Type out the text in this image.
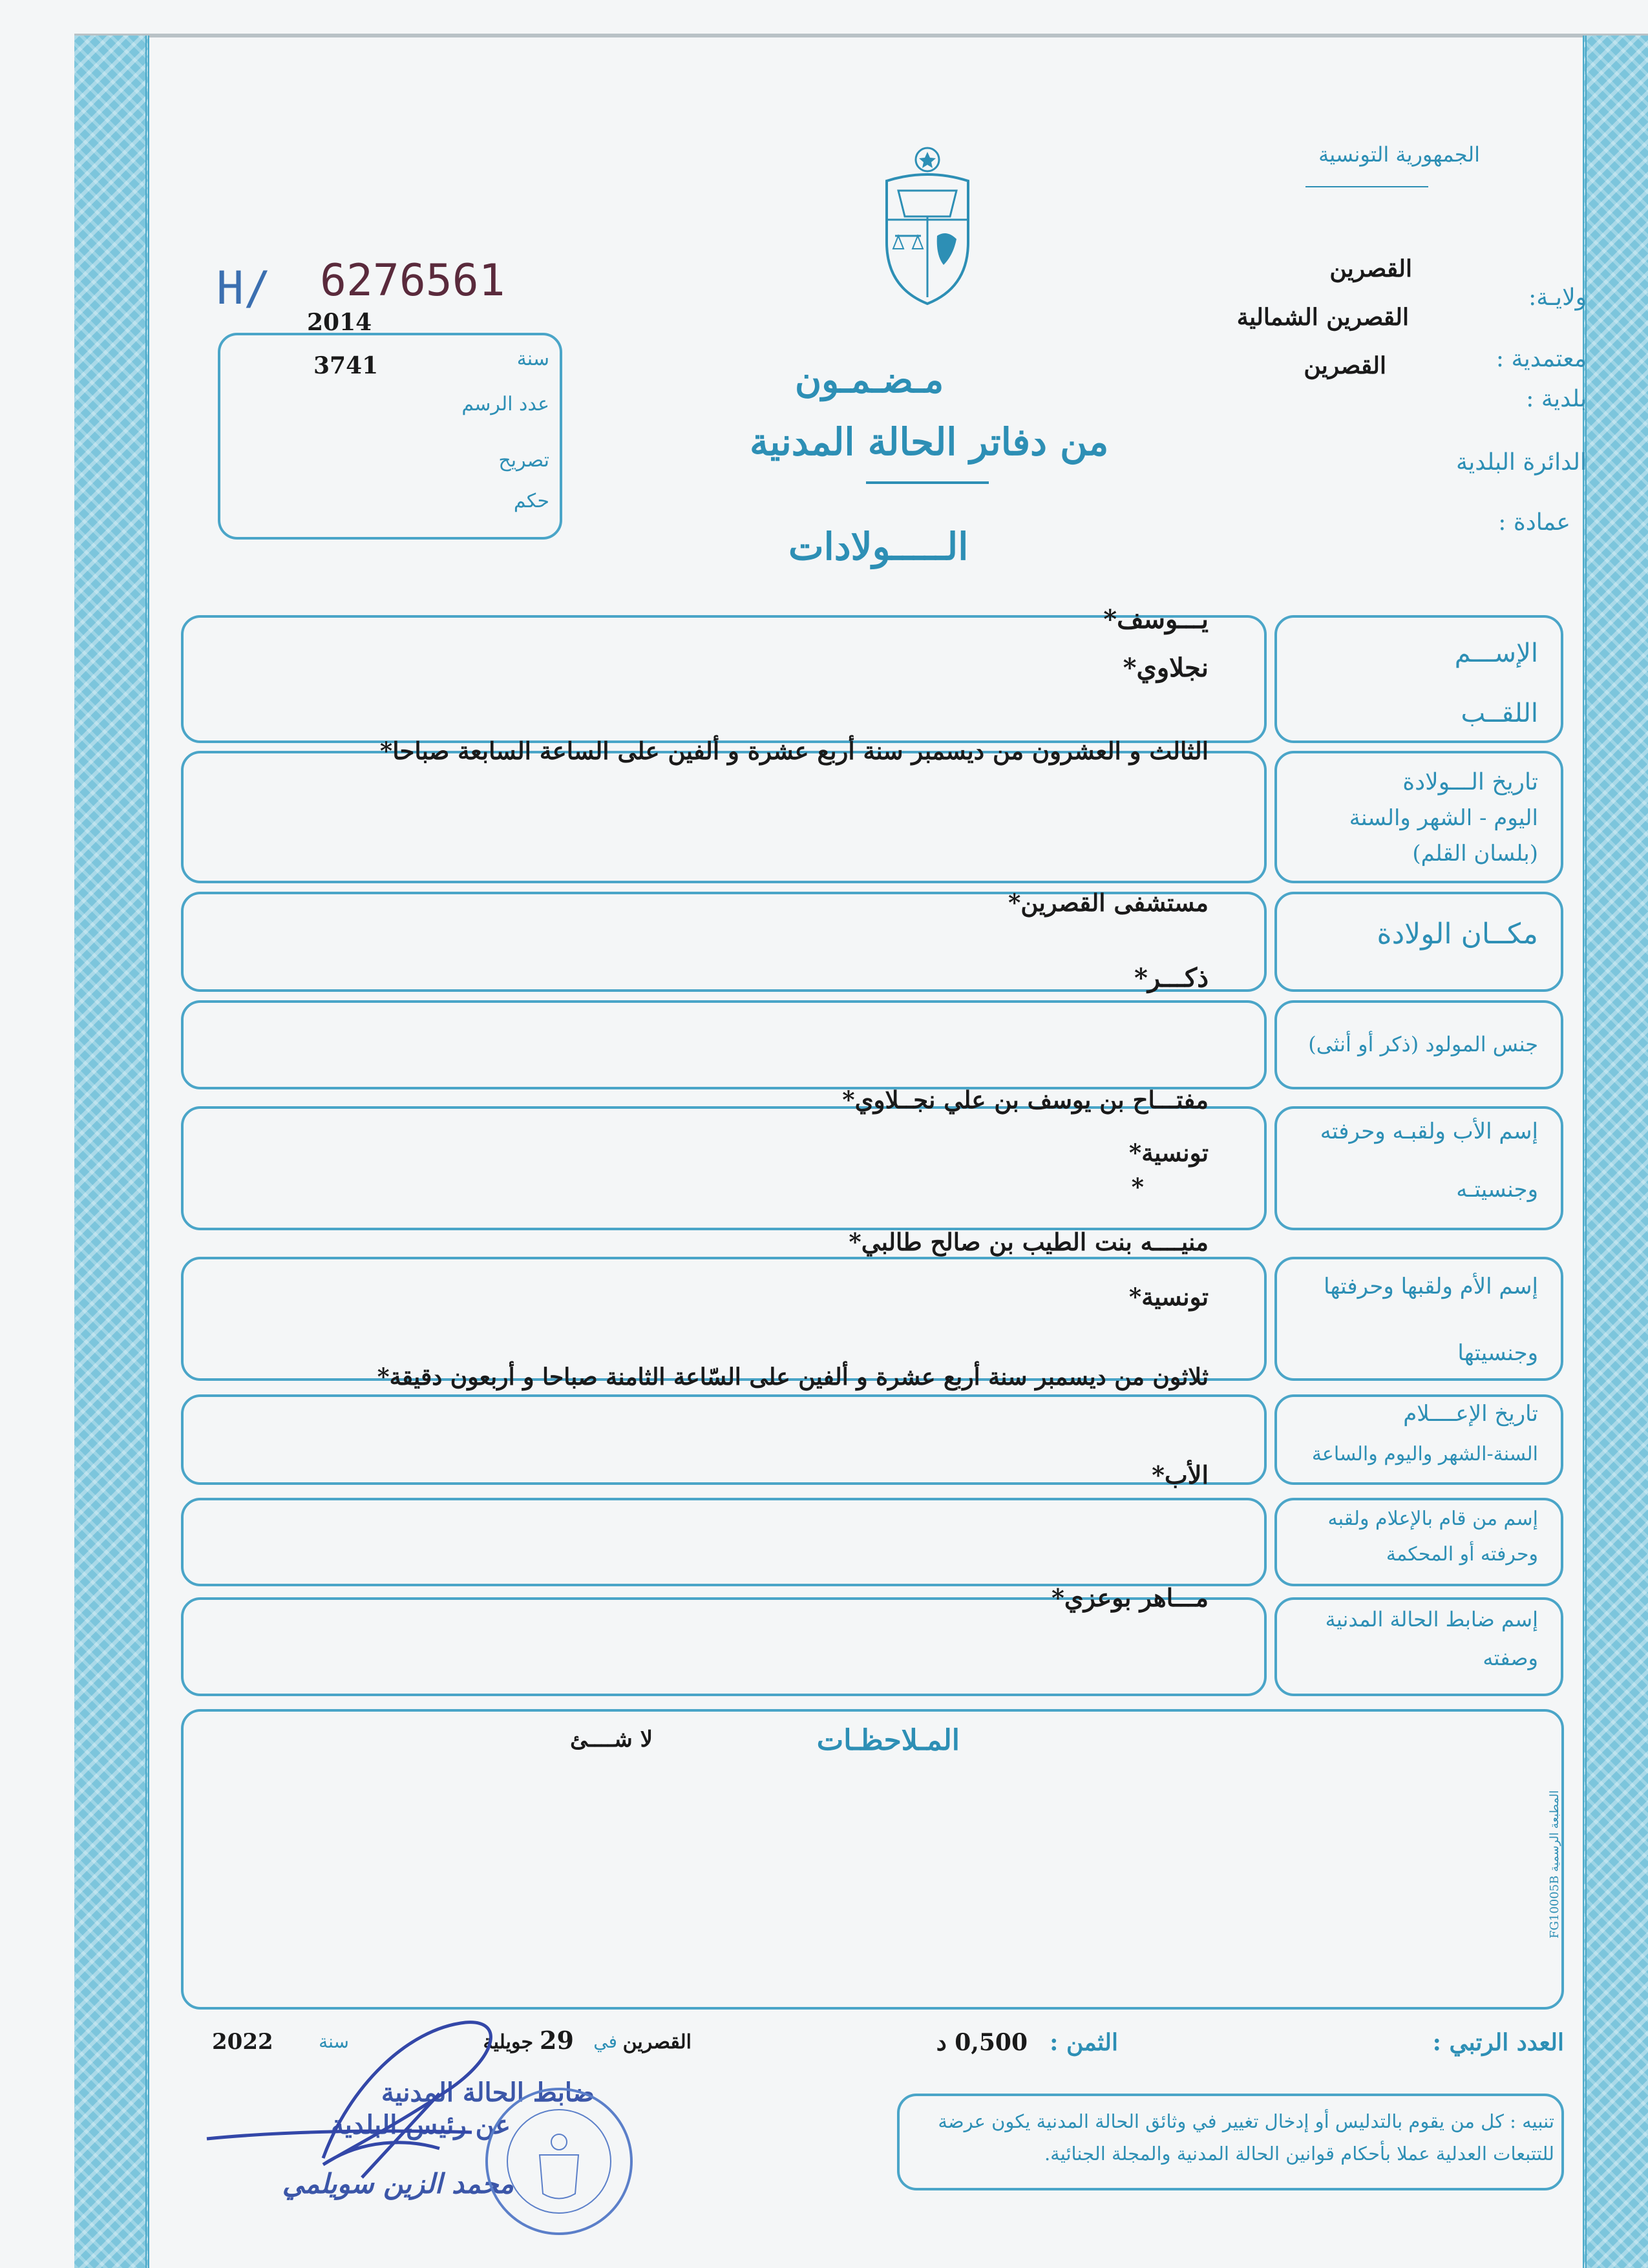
الجمهورية التونسية
ولايـة:
القصرين
معتمدية :
القصرين الشمالية
بلدية :
القصرين
الدائرة البلدية
عمادة :
H/ 6276561
2014
3741	سنة
عدد الرسم
تصريح
حكم
مـضـمـون
من دفاتر الحالة المدنية
الـــــولادات
الإســـم
اللقــب
يـــوسف*
نجلاوي*
تاريخ الـــولادة
اليوم - الشهر والسنة
(بلسان القلم)
الثالث و العشرون من ديسمبر سنة أربع عشرة و ألفين على الساعة السابعة صباحا*
مكــان الولادة
مستشفى القصرين*
جنس المولود (ذكر أو أنثى)
ذكـــر*
إسم الأب ولقبـه وحرفته
وجنسيتـه
مفتـــاح بن يوسف بن علي نجــلاوي*
تونسية*
*
إسم الأم ولقبها وحرفتها
وجنسيتها
منيــــه بنت الطيب بن صالح طالبي*
تونسية*
تاريخ الإعــــلام
السنة-الشهر واليوم والساعة
ثلاثون من ديسمبر سنة أربع عشرة و ألفين على السّاعة الثامنة صباحا و أربعون دقيقة*
إسم من قام بالإعلام ولقبه
وحرفته أو المحكمة
الأب*
إسم ضابط الحالة المدنية
وصفته
مـــاهر بوعزي*
المـلاحظـات
لا شــــئ
المطبعة الرسمية FG10005B
العدد الرتبي :
الثمن :
0,500 د
القصرين
في
29
جويلية
سنة
2022
ضابط الحالة المدنية
عن رئيس البلدية
محمد الزين سويلمي
تنبيه : كل من يقوم بالتدليس أو إدخال تغيير في وثائق الحالة المدنية يكون عرضة للتتبعات العدلية عملا بأحكام قوانين الحالة المدنية والمجلة الجنائية.
